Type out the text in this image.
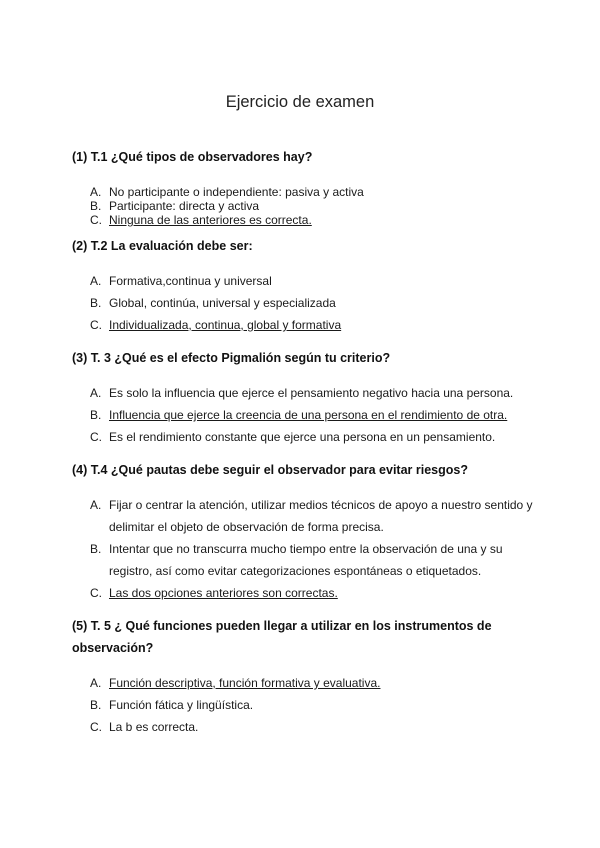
Ejercicio de examen
(1) T.1 ¿Qué tipos de observadores hay?
A. No participante o independiente: pasiva y activa
B. Participante: directa y activa
C. Ninguna de las anteriores es correcta.
(2) T.2 La evaluación debe ser:
A. Formativa,continua y universal
B. Global, continúa, universal y especializada
C. Individualizada, continua, global y formativa
(3) T. 3 ¿Qué es el efecto Pigmalión según tu criterio?
A. Es solo la influencia que ejerce el pensamiento negativo hacia una persona.
B. Influencia que ejerce la creencia de una persona en el rendimiento de otra.
C. Es el rendimiento constante que ejerce una persona en un pensamiento.
(4) T.4 ¿Qué pautas debe seguir el observador para evitar riesgos?
A. Fijar o centrar la atención, utilizar medios técnicos de apoyo a nuestro sentido y delimitar el objeto de observación de forma precisa.
B. Intentar que no transcurra mucho tiempo entre la observación de una y su registro, así como evitar categorizaciones espontáneas o etiquetados.
C. Las dos opciones anteriores son correctas.
(5) T. 5 ¿ Qué funciones pueden llegar a utilizar en los instrumentos de observación?
A. Función descriptiva, función formativa y evaluativa.
B. Función fática y lingüística.
C. La b es correcta.
